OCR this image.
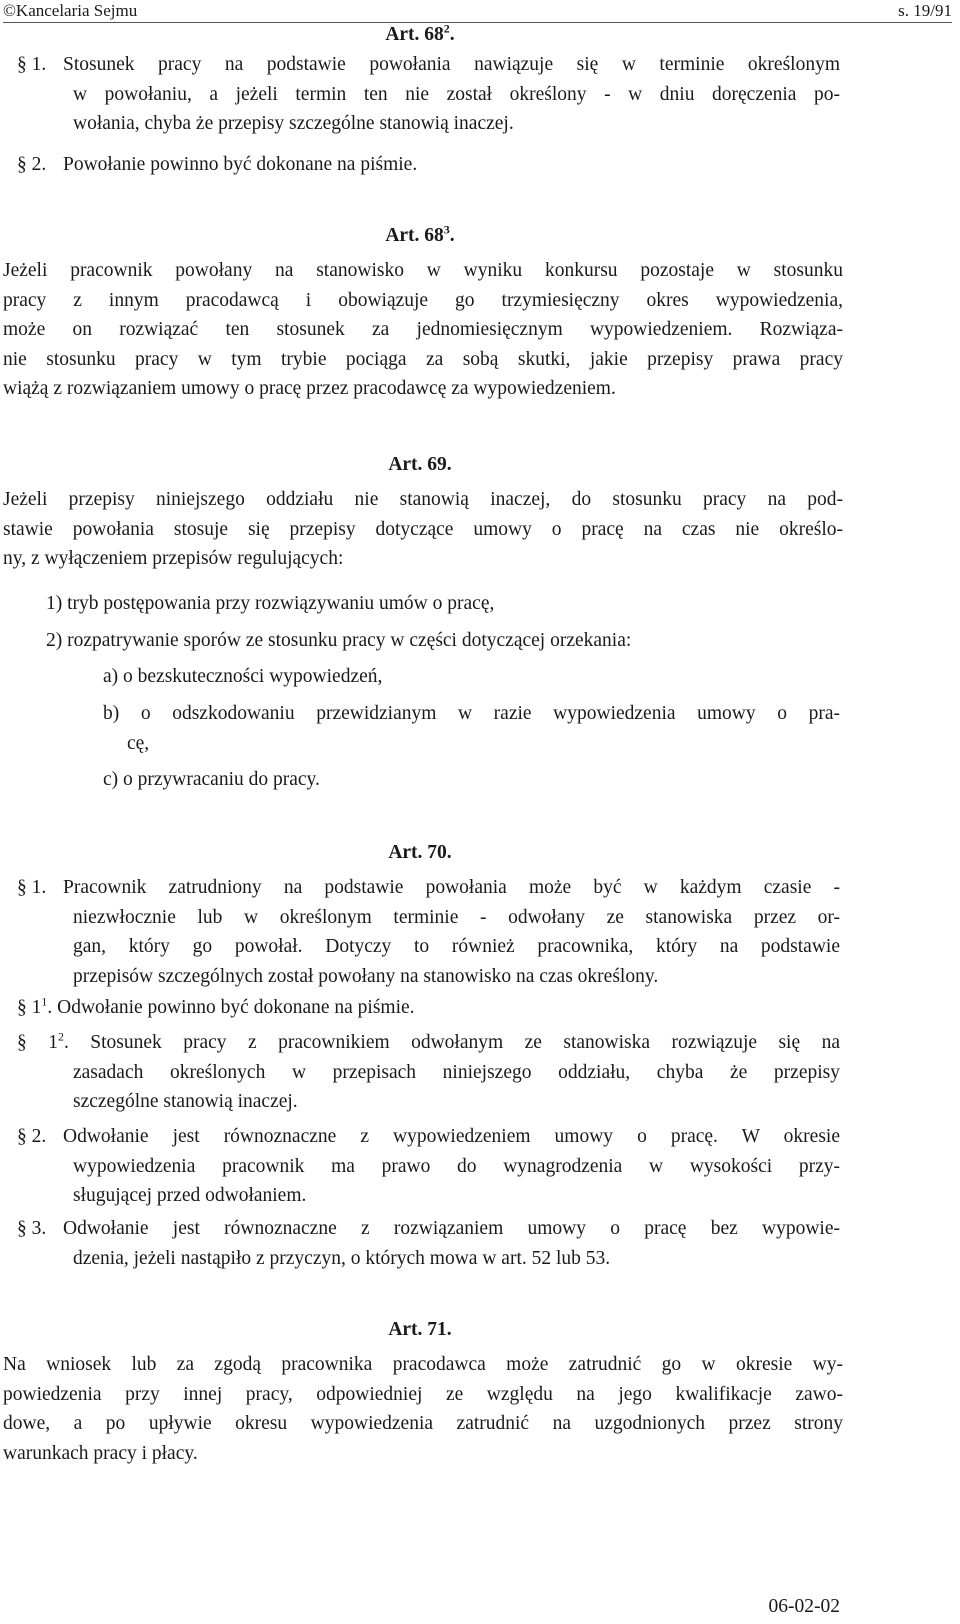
©Kancelaria Sejmu	s. 19/91
Art. $68^2$.
§ 1. Stosunek pracy na podstawie powołania nawiązuje się w terminie określonym
w powołaniu, a jeżeli termin ten nie został określony - w dniu doręczenia po-
wołania, chyba że przepisy szczególne stanowią inaczej.
§ 2. Powołanie powinno być dokonane na piśmie.
Art. $68^3$.
Jeżeli pracownik powołany na stanowisko w wyniku konkursu pozostaje w stosunku
pracy z innym pracodawcą i obowiązuje go trzymiesięczny okres wypowiedzenia,
może on rozwiązać ten stosunek za jednomiesięcznym wypowiedzeniem. Rozwiąza-
nie stosunku pracy w tym trybie pociąga za sobą skutki, jakie przepisy prawa pracy
wiążą z rozwiązaniem umowy o pracę przez pracodawcę za wypowiedzeniem.
Art. 69.
Jeżeli przepisy niniejszego oddziału nie stanowią inaczej, do stosunku pracy na pod-
stawie powołania stosuje się przepisy dotyczące umowy o pracę na czas nie określo-
ny, z wyłączeniem przepisów regulujących:
1) tryb postępowania przy rozwiązywaniu umów o pracę,
2) rozpatrywanie sporów ze stosunku pracy w części dotyczącej orzekania:
a) o bezskuteczności wypowiedzeń,
b) o odszkodowaniu przewidzianym w razie wypowiedzenia umowy o pra-
cę,
c) o przywracaniu do pracy.
Art. 70.
§ 1. Pracownik zatrudniony na podstawie powołania może być w każdym czasie -
niezwłocznie lub w określonym terminie - odwołany ze stanowiska przez or-
gan, który go powołał. Dotyczy to również pracownika, który na podstawie
przepisów szczególnych został powołany na stanowisko na czas określony.
§ $1^1$. Odwołanie powinno być dokonane na piśmie.
§ $1^2$. Stosunek pracy z pracownikiem odwołanym ze stanowiska rozwiązuje się na
zasadach określonych w przepisach niniejszego oddziału, chyba że przepisy
szczególne stanowią inaczej.
§ 2. Odwołanie jest równoznaczne z wypowiedzeniem umowy o pracę. W okresie
wypowiedzenia pracownik ma prawo do wynagrodzenia w wysokości przy-
sługującej przed odwołaniem.
§ 3. Odwołanie jest równoznaczne z rozwiązaniem umowy o pracę bez wypowie-
dzenia, jeżeli nastąpiło z przyczyn, o których mowa w art. 52 lub 53.
Art. 71.
Na wniosek lub za zgodą pracownika pracodawca może zatrudnić go w okresie wy-
powiedzenia przy innej pracy, odpowiedniej ze względu na jego kwalifikacje zawo-
dowe, a po upływie okresu wypowiedzenia zatrudnić na uzgodnionych przez strony
warunkach pracy i płacy.
06-02-02
